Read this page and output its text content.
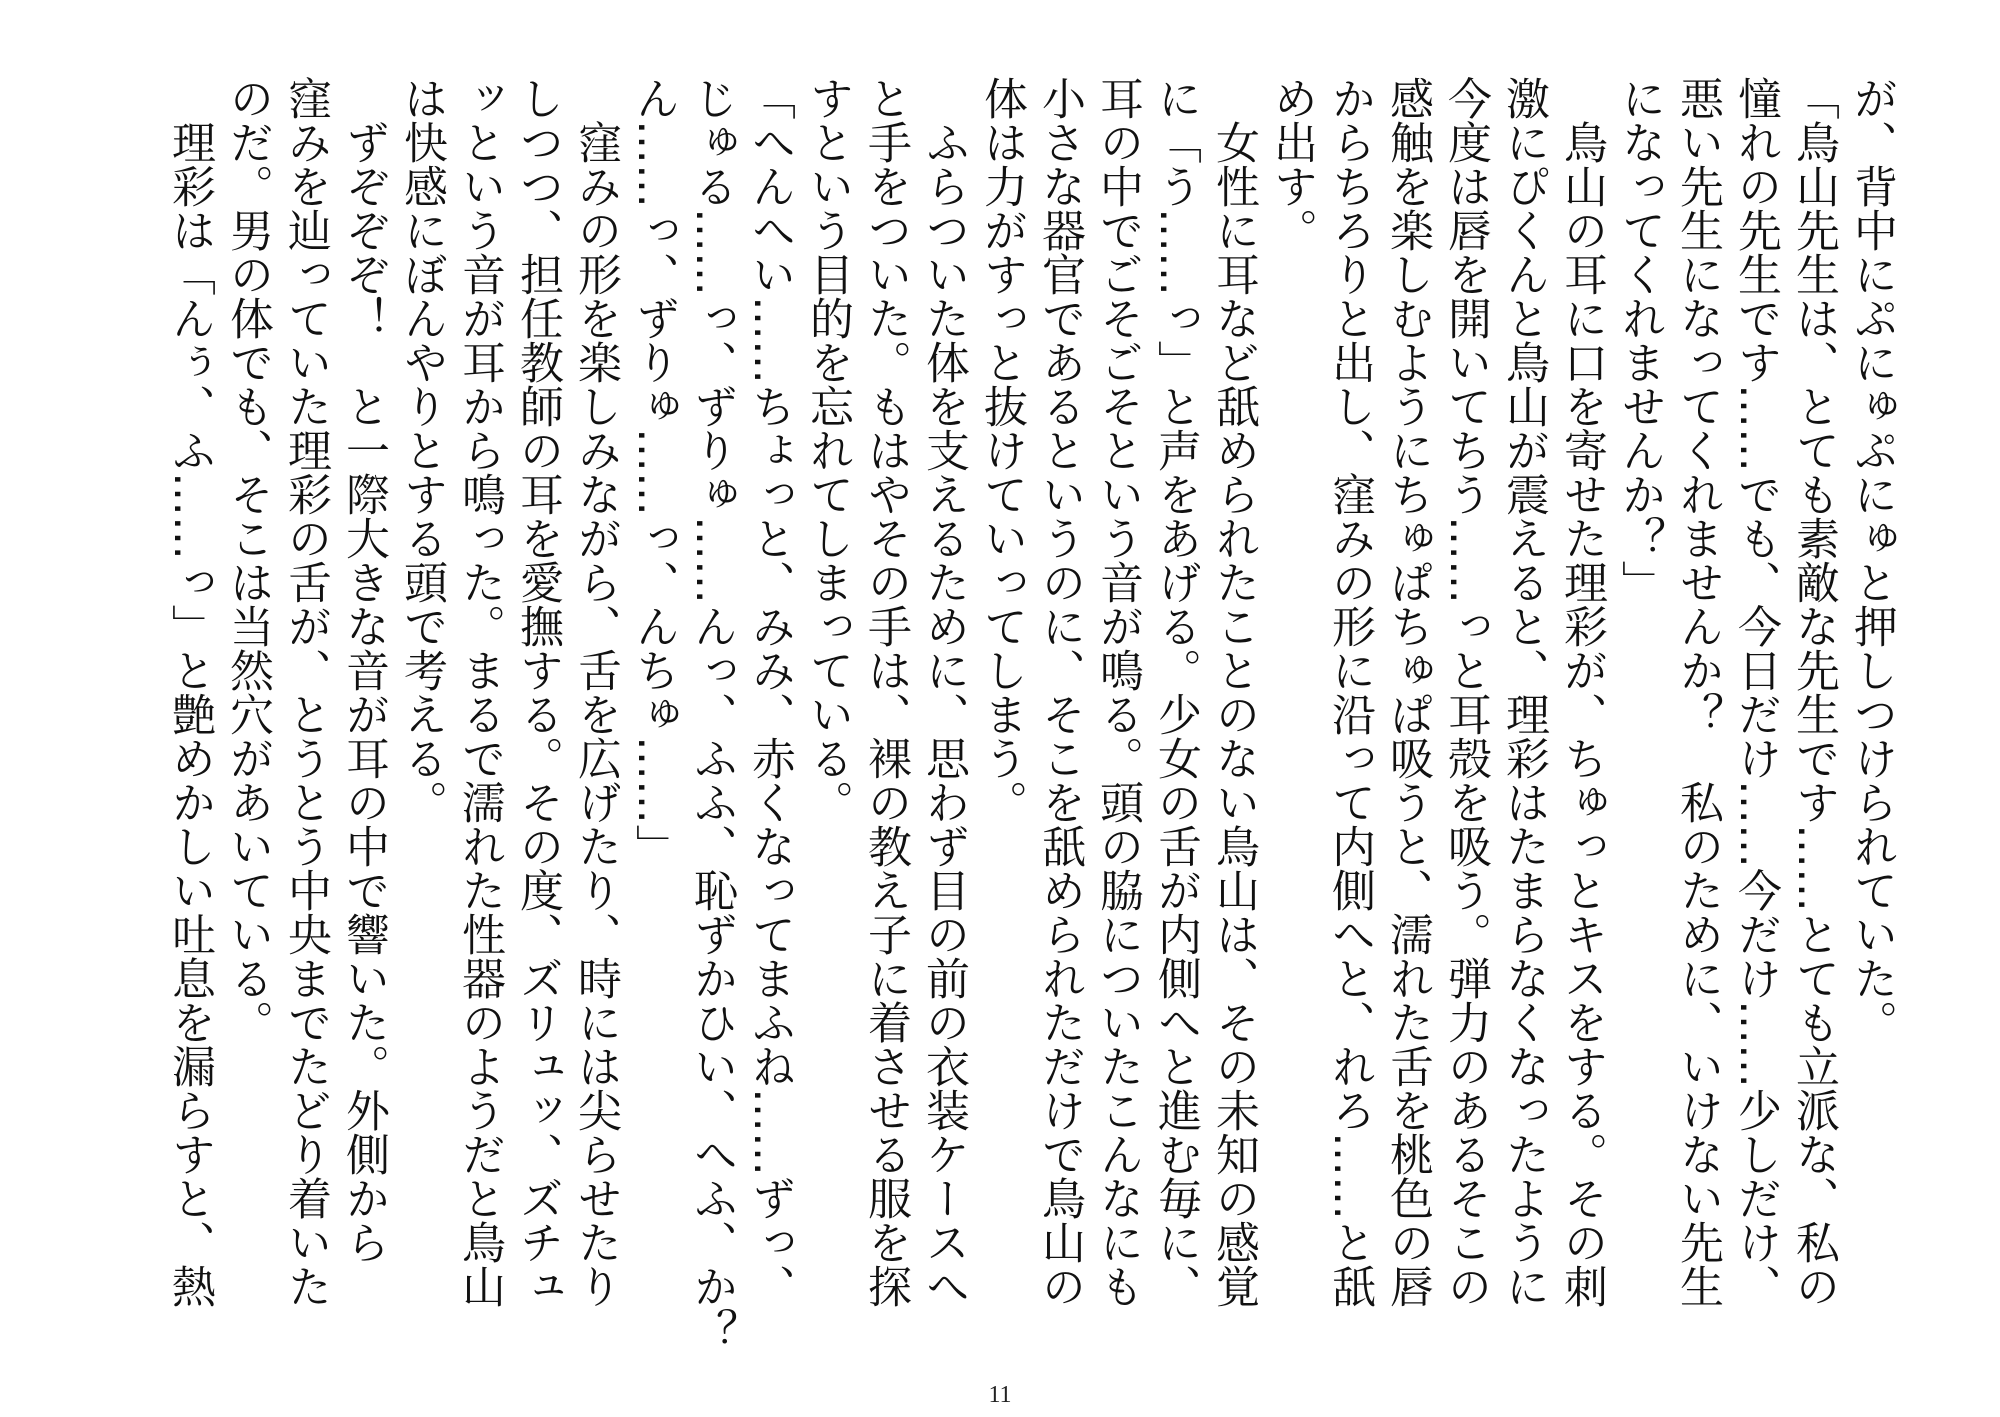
が、背中にぷにゅぷにゅと押しつけられていた。
「鳥山先生は、とても素敵な先生です……とても立派な、私の
憧れの先生です……でも、今日だけ……今だけ……少しだけ、
悪い先生になってくれませんか？　私のために、いけない先生
になってくれませんか？」
　鳥山の耳に口を寄せた理彩が、ちゅっとキスをする。その刺
激にぴくんと鳥山が震えると、理彩はたまらなくなったように
今度は唇を開いてちう……っと耳殻を吸う。弾力のあるそこの
感触を楽しむようにちゅぱちゅぱ吸うと、濡れた舌を桃色の唇
からちろりと出し、窪みの形に沿って内側へと、れろ……と舐
め出す。
　女性に耳など舐められたことのない鳥山は、その未知の感覚
に「う……っ」と声をあげる。少女の舌が内側へと進む毎に、
耳の中でごそごそという音が鳴る。頭の脇についたこんなにも
小さな器官であるというのに、そこを舐められただけで鳥山の
体は力がすっと抜けていってしまう。
　ふらついた体を支えるために、思わず目の前の衣装ケースへ
と手をついた。もはやその手は、裸の教え子に着させる服を探
すという目的を忘れてしまっている。
「へんへい……ちょっと、みみ、赤くなってまふね……ずっ、
じゅる……っ、ずりゅ……んっ、ふふ、恥ずかひい、へふ、か？
ん……っ、ずりゅ……っ、んちゅ……」
　窪みの形を楽しみながら、舌を広げたり、時には尖らせたり
しつつ、担任教師の耳を愛撫する。その度、ズリュッ、ズチュ
ッという音が耳から鳴った。まるで濡れた性器のようだと鳥山
は快感にぼんやりとする頭で考える。
　ずぞぞぞ！　と一際大きな音が耳の中で響いた。外側から
窪みを辿っていた理彩の舌が、とうとう中央までたどり着いた
のだ。男の体でも、そこは当然穴があいている。
　理彩は「んぅ、ふ……っ」と艶めかしい吐息を漏らすと、熱
11
